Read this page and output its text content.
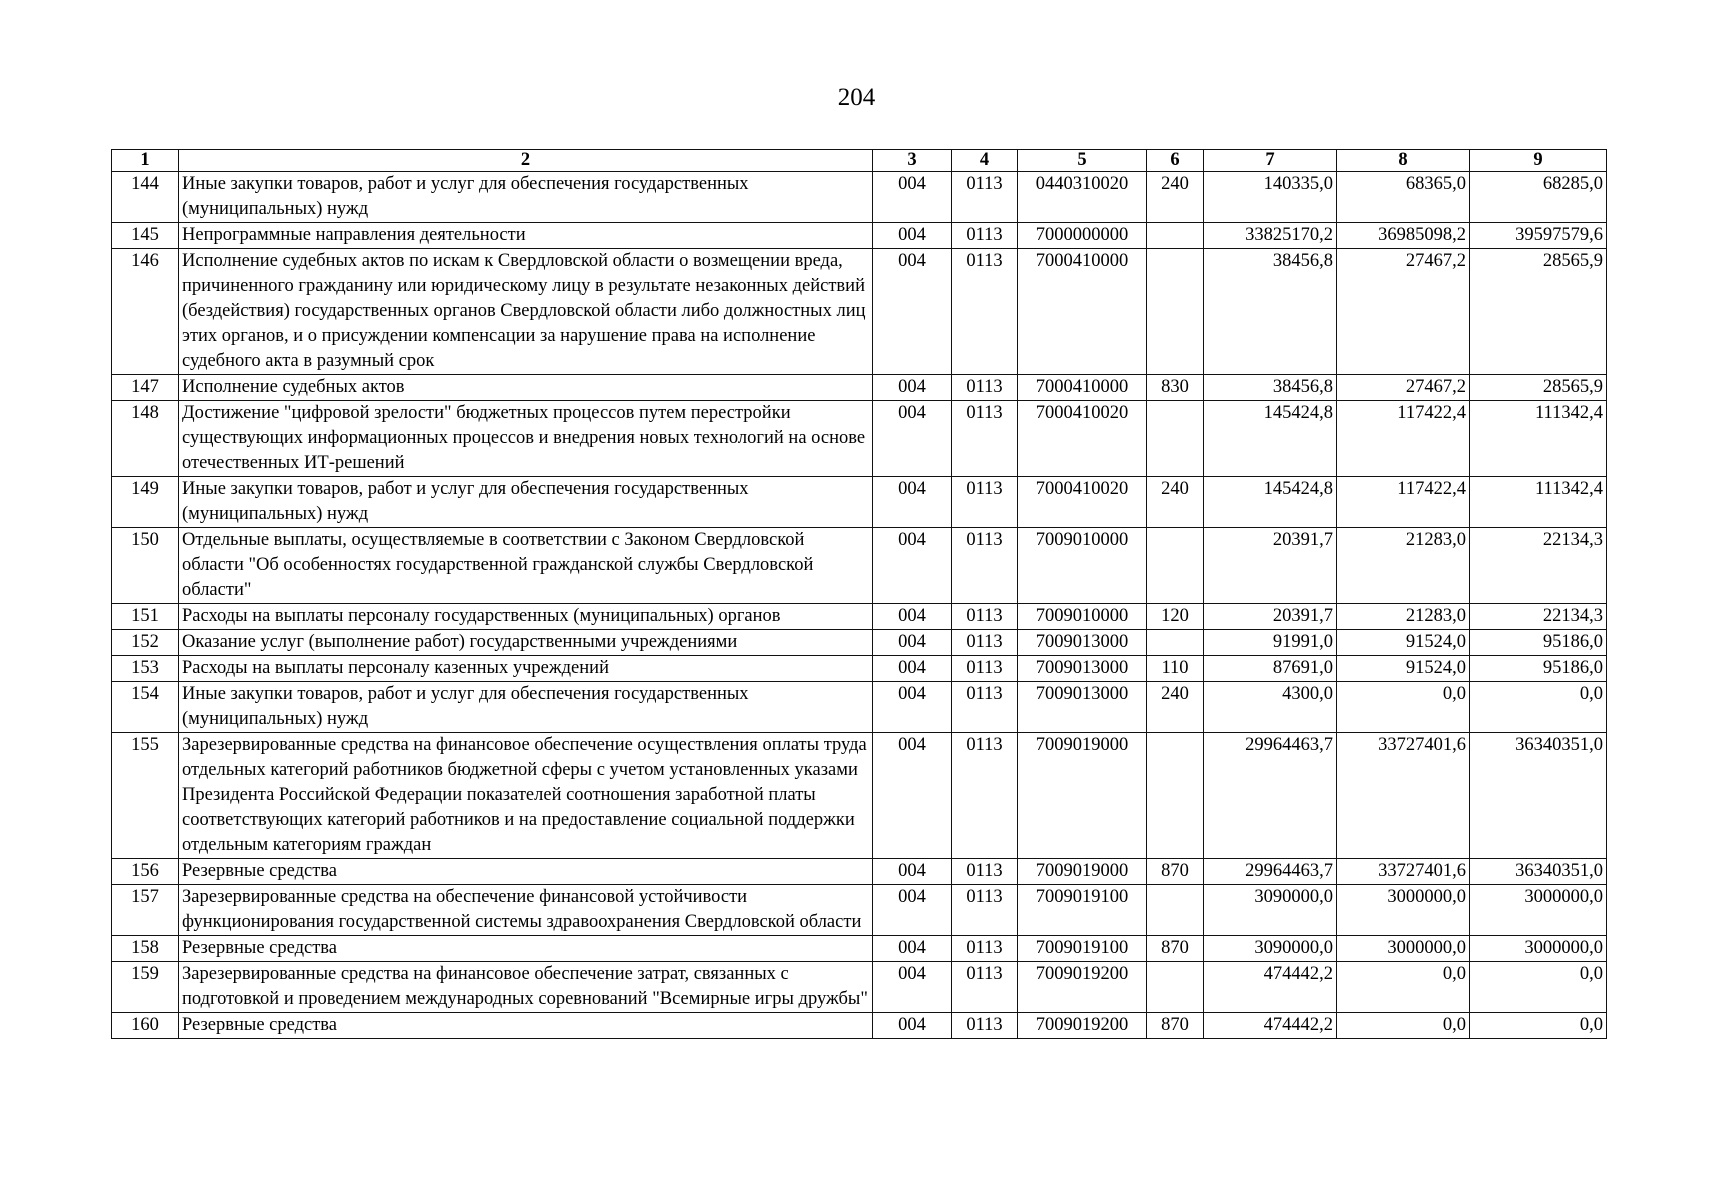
204
1	2	3	4	5	6	7	8	9
144	Иные закупки товаров, работ и услуг для обеспечения государственных (муниципальных) нужд	004	0113	0440310020	240	140335,0	68365,0	68285,0
145	Непрограммные направления деятельности	004	0113	7000000000		33825170,2	36985098,2	39597579,6
146	Исполнение судебных актов по искам к Свердловской области о возмещении вреда, причиненного гражданину или юридическому лицу в результате незаконных действий (бездействия) государственных органов Свердловской области либо должностных лиц этих органов, и о присуждении компенсации за нарушение права на исполнение судебного акта в разумный срок	004	0113	7000410000		38456,8	27467,2	28565,9
147	Исполнение судебных актов	004	0113	7000410000	830	38456,8	27467,2	28565,9
148	Достижение "цифровой зрелости" бюджетных процессов путем перестройки существующих информационных процессов и внедрения новых технологий на основе отечественных ИТ-решений	004	0113	7000410020		145424,8	117422,4	111342,4
149	Иные закупки товаров, работ и услуг для обеспечения государственных (муниципальных) нужд	004	0113	7000410020	240	145424,8	117422,4	111342,4
150	Отдельные выплаты, осуществляемые в соответствии с Законом Свердловской области "Об особенностях государственной гражданской службы Свердловской области"	004	0113	7009010000		20391,7	21283,0	22134,3
151	Расходы на выплаты персоналу государственных (муниципальных) органов	004	0113	7009010000	120	20391,7	21283,0	22134,3
152	Оказание услуг (выполнение работ) государственными учреждениями	004	0113	7009013000		91991,0	91524,0	95186,0
153	Расходы на выплаты персоналу казенных учреждений	004	0113	7009013000	110	87691,0	91524,0	95186,0
154	Иные закупки товаров, работ и услуг для обеспечения государственных (муниципальных) нужд	004	0113	7009013000	240	4300,0	0,0	0,0
155	Зарезервированные средства на финансовое обеспечение осуществления оплаты труда отдельных категорий работников бюджетной сферы с учетом установленных указами Президента Российской Федерации показателей соотношения заработной платы соответствующих категорий работников и на предоставление социальной поддержки отдельным категориям граждан	004	0113	7009019000		29964463,7	33727401,6	36340351,0
156	Резервные средства	004	0113	7009019000	870	29964463,7	33727401,6	36340351,0
157	Зарезервированные средства на обеспечение финансовой устойчивости функционирования государственной системы здравоохранения Свердловской области	004	0113	7009019100		3090000,0	3000000,0	3000000,0
158	Резервные средства	004	0113	7009019100	870	3090000,0	3000000,0	3000000,0
159	Зарезервированные средства на финансовое обеспечение затрат, связанных с подготовкой и проведением международных соревнований "Всемирные игры дружбы"	004	0113	7009019200		474442,2	0,0	0,0
160	Резервные средства	004	0113	7009019200	870	474442,2	0,0	0,0
